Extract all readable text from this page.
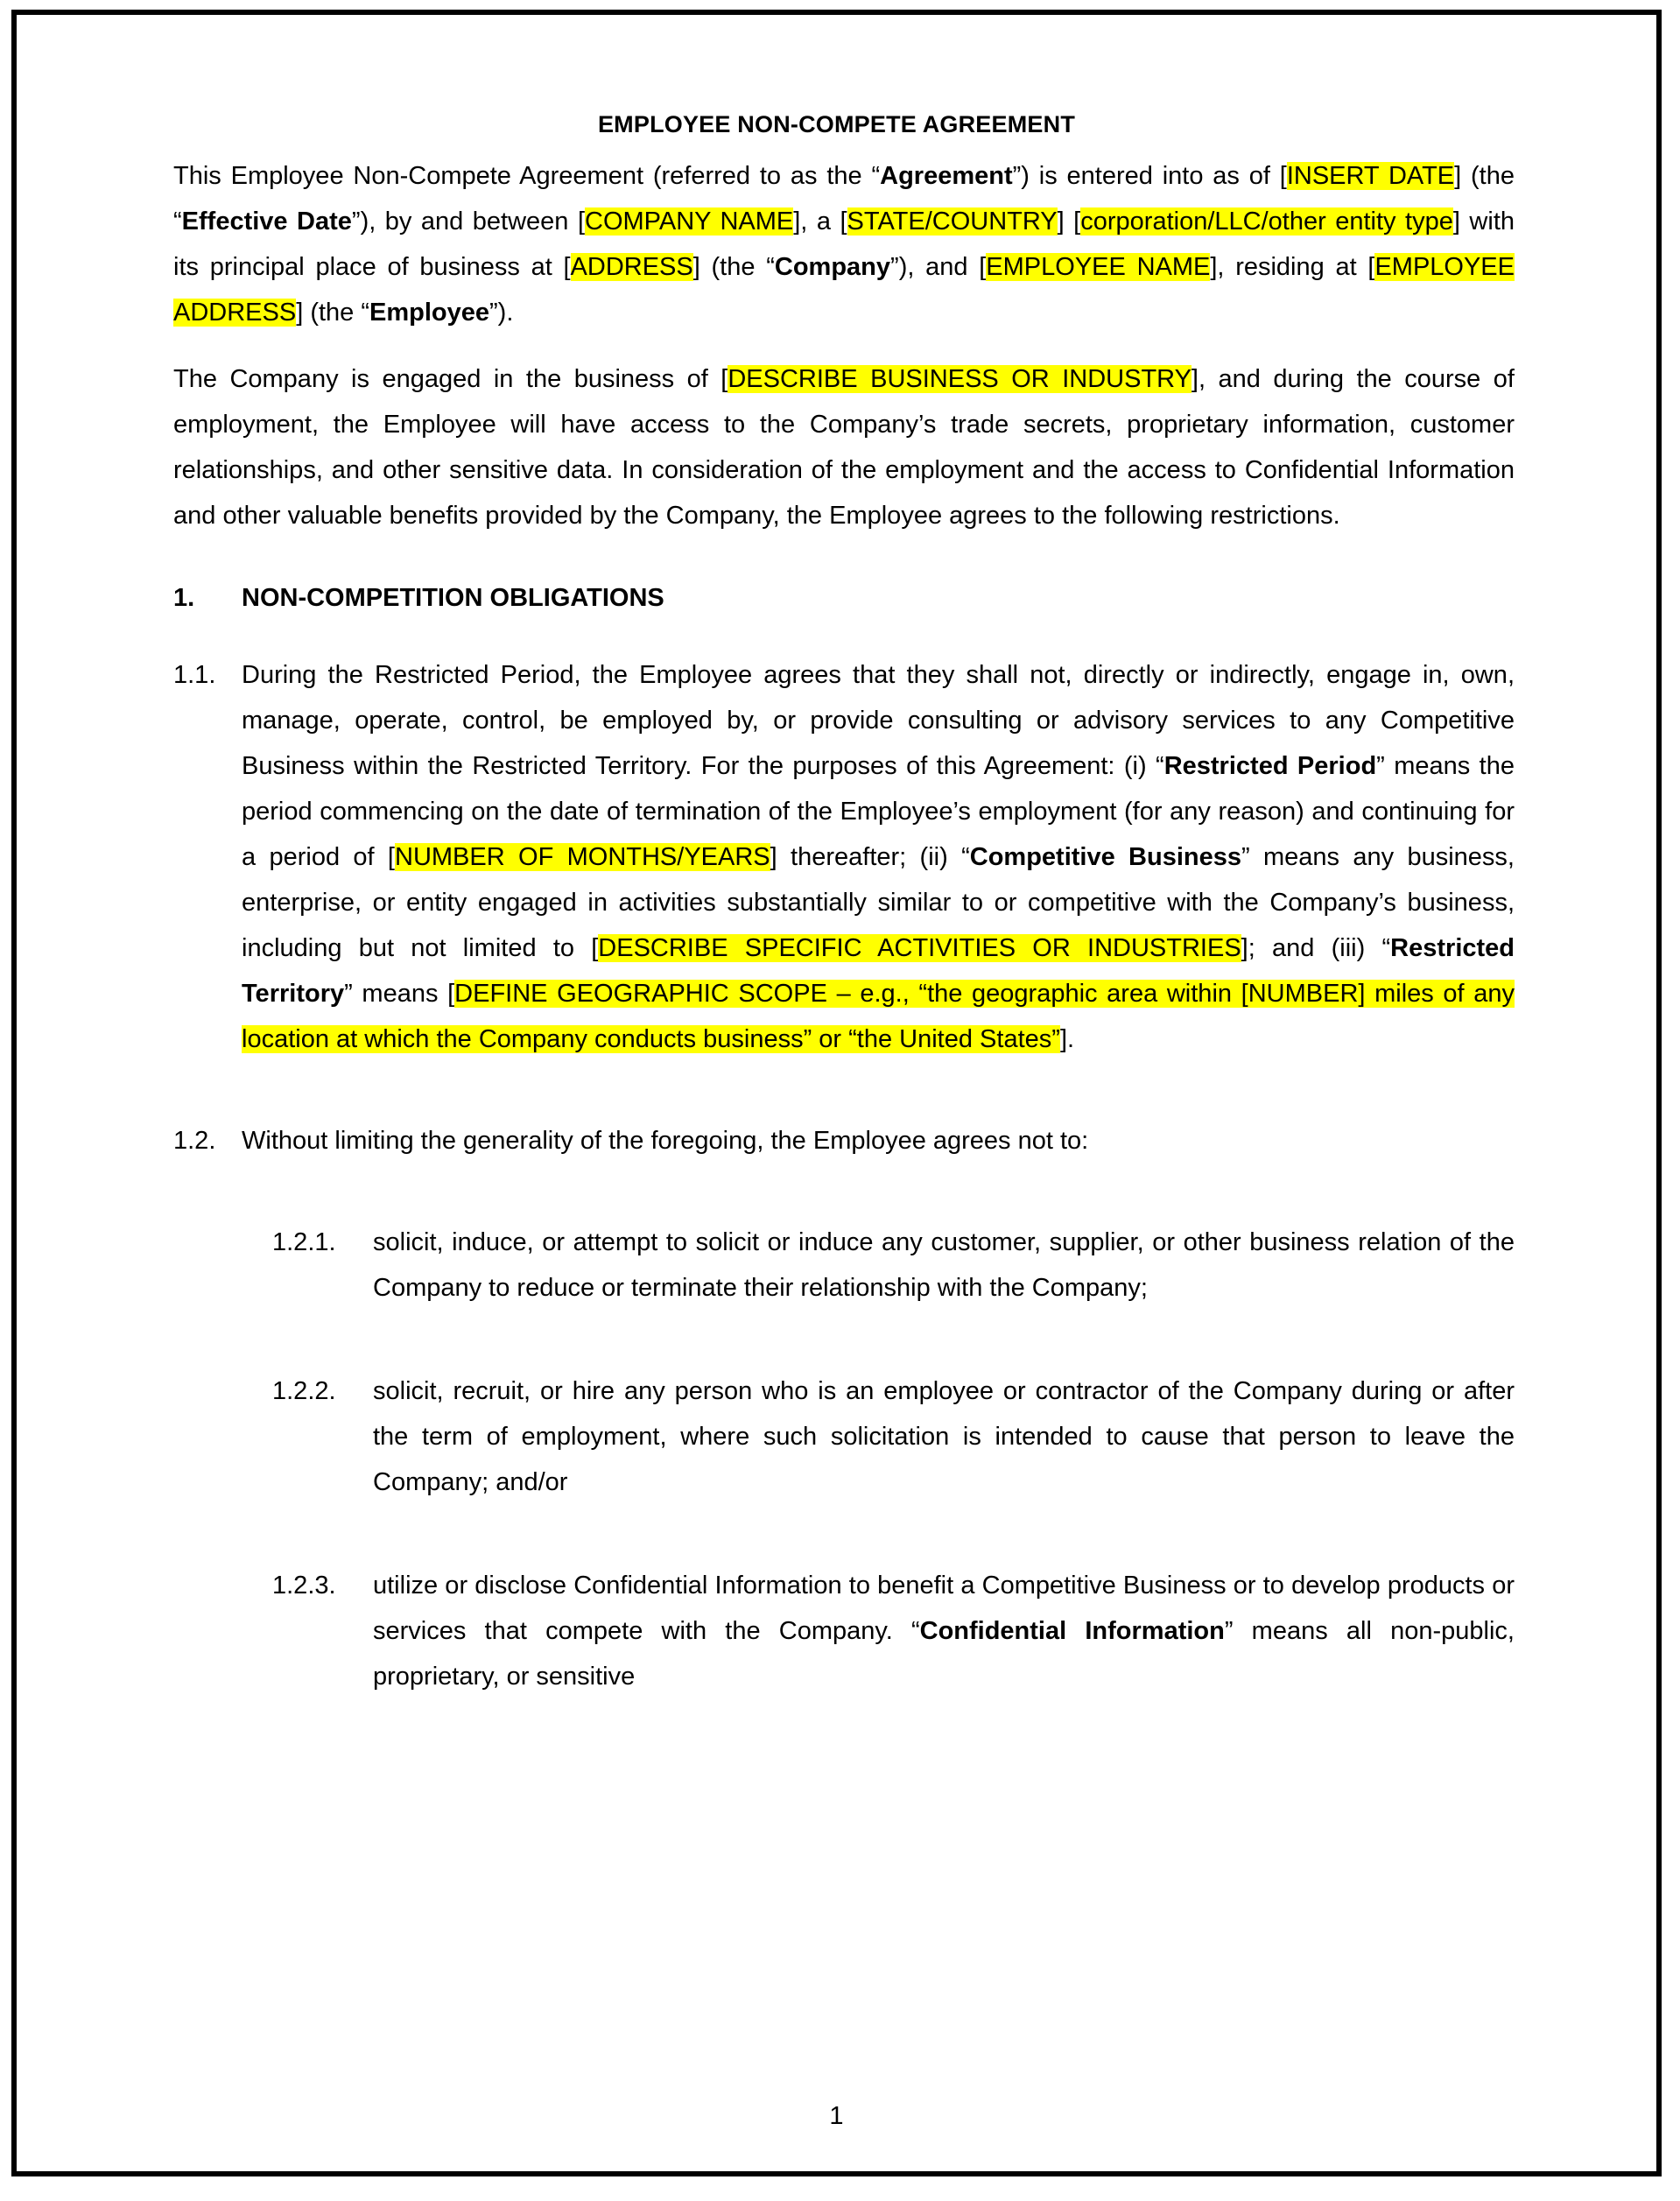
EMPLOYEE NON-COMPETE AGREEMENT

This Employee Non-Compete Agreement (referred to as the “Agreement”) is entered into as of [INSERT DATE] (the “Effective Date”), by and between [COMPANY NAME], a [STATE/COUNTRY] [corporation/LLC/other entity type] with its principal place of business at [ADDRESS] (the “Company”), and [EMPLOYEE NAME], residing at [EMPLOYEE ADDRESS] (the “Employee”).

The Company is engaged in the business of [DESCRIBE BUSINESS OR INDUSTRY], and during the course of employment, the Employee will have access to the Company’s trade secrets, proprietary information, customer relationships, and other sensitive data. In consideration of the employment and the access to Confidential Information and other valuable benefits provided by the Company, the Employee agrees to the following restrictions.

1.	NON-COMPETITION OBLIGATIONS
1.1.	During the Restricted Period, the Employee agrees that they shall not, directly or indirectly, engage in, own, manage, operate, control, be employed by, or provide consulting or advisory services to any Competitive Business within the Restricted Territory. For the purposes of this Agreement: (i) “Restricted Period” means the period commencing on the date of termination of the Employee’s employment (for any reason) and continuing for a period of [NUMBER OF MONTHS/YEARS] thereafter; (ii) “Competitive Business” means any business, enterprise, or entity engaged in activities substantially similar to or competitive with the Company’s business, including but not limited to [DESCRIBE SPECIFIC ACTIVITIES OR INDUSTRIES]; and (iii) “Restricted Territory” means [DEFINE GEOGRAPHIC SCOPE – e.g., “the geographic area within [NUMBER] miles of any location at which the Company conducts business” or “the United States”].
1.2.	Without limiting the generality of the foregoing, the Employee agrees not to:
1.2.1.	solicit, induce, or attempt to solicit or induce any customer, supplier, or other business relation of the Company to reduce or terminate their relationship with the Company;
1.2.2.	solicit, recruit, or hire any person who is an employee or contractor of the Company during or after the term of employment, where such solicitation is intended to cause that person to leave the Company; and/or
1.2.3.	utilize or disclose Confidential Information to benefit a Competitive Business or to develop products or services that compete with the Company. “Confidential Information” means all non-public, proprietary, or sensitive
1
